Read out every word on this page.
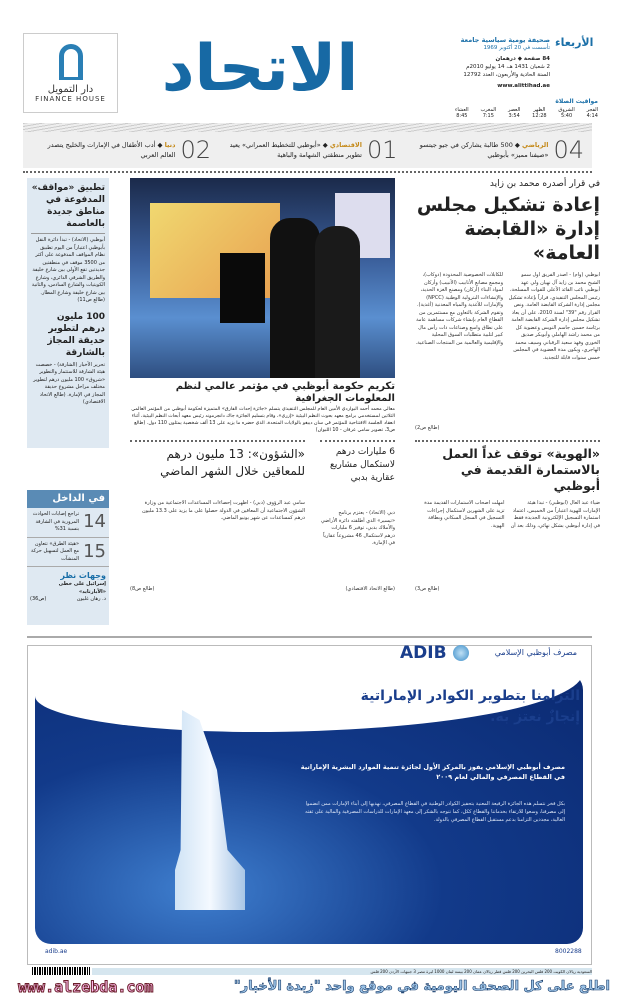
دار التمويل
FINANCE HOUSE الاتحاد	الأربعاء
صحيفة يومية سياسية جامعة
تأسست في 20 أكتوبر 1969
84 صفحة ◆ درهمان
2 شعبان 1431 هـ، 14 يوليو 2010م
السنة الحادية والأربعون، العدد 12792
www.alittihad.ae
مواقيت الصلاة
الفجر
4:14
الشروق
5:40
الظهر
12:28
العصر
3:54
المغرب
7:15
العشاء
8:45
04
الرياضي ◆ 500 طالبة يشاركن في جيو جيتسو «صيفنا مميز» بأبوظبي
01
الاقتصادي ◆ «أبوظبي للتخطيط العمراني» يعيد تطوير منطقتي الشهامة والباهية
02
دنيا ◆ أدب الأطفال في الإمارات والخليج يتصدر العالم العربي
تطبيق «مواقف» المدفوعة في مناطق جديدة بالعاصمة

أبوظبي (الاتحاد) - تبدأ دائرة النقل بأبوظبي اعتباراً من اليوم تطبيق نظام المواقف المدفوعة على أكثر من 3500 موقف في منطقتين جديدتين تقع الأولى بين شارع خليفة والطريق الشرقي الدائري، وشارع الكويتيات والشارع السادس، والثانية بين شارع خليفة وشارع المطار. (طالع ص11)

100 مليون درهم لتطوير حديقة المجاز بالشارقة

تحرير الأخبار (الشارقة) - خصصت هيئة الشارقة للاستثمار والتطوير «شروق» 100 مليون درهم لتطوير مختلف مراحل مشروع حديقة المجاز في الإمارة. (طالع الاتحاد الاقتصادي)

في الداخل
14
تراجع إصابات الحوادث المرورية في الشارقة بنسبة 31%
15
«هيئة الطرق» تتعاون مع العمل لتسهيل حركة المنشآت
وجهات نظر
إسرائيل على خطى «الأبارتايد»
د. رهان غليون
(ص36)
تكريم حكومة أبوظبي في مؤتمر عالمي لنظم المعلومات الجغرافية
معالي محمد أحمد البواردي الأمين العام للمجلس التنفيذي يتسلم «جائزة إحداث الفارق» المتميزة لحكومة أبوظبي من المؤتمر العالمي الثلاثين لمستخدمي برامج معهد بحوث النظم البيئية «إزري»، وقام بتسليم الجائزة جاك دانجرموند رئيس معهد أبحاث النظم البيئية، أثناء انعقاد الجلسة الافتتاحية للمؤتمر في سان دييغو بالولايات المتحدة، الذي حضره ما يزيد على 13 ألف شخصية يمثلون 110 دول. (طالع ص3، تصوير سامي عرفان - 10 اللبوان)
في قرار أصدره محمد بن زايد
إعادة تشكيل مجلس إدارة «القابضة العامة»
أبوظبي (وام) - أصدر الفريق أول سمو الشيخ محمد بن زايد آل نهيان ولي عهد أبوظبي نائب القائد الأعلى للقوات المسلحة، رئيس المجلس التنفيذي، قراراً بإعادة تشكيل مجلس إدارة الشركة القابضة العامة. ونص القرار رقم "39" لسنة 2010، على أن يعاد تشكيل مجلس إدارة الشركة القابضة العامة برئاسة حسين جاسم النويس وعضوية كل من محمد راشد الهاملي وأبوبكر صديق الخوري وفهد سعيد الرقباني وسيف محمد الهاجري، ويكون مدة العضوية في المجلس خمس سنوات قابلة للتجديد.
للكابلات الخصوصية المحدودة (دوكاب)، ومجمع مصانع الأنابيب (الأنبيب) وأركان لمواد البناء (أركان) ومصنع الغزة الحديد، والإنشاءات البترولية الوطنية (NPCC) والإمارات للأغذية والمياه المعدنية (أغذية). وتقوم الشركة بالتعاون مع مستثمرين من القطاع العام بإنشاء شركات مساهمة عامة على نطاق واسع وصناعات ذات رأس مال كبير لتلبية متطلبات السوق المحلية والإقليمية والعالمية من المنتجات الصناعية.
(طالع ص2)
«الهوية» توقف غداً العمل بالاستمارة القديمة في أبوظبي
ضياء عبد العال (أبوظبي) - تبدأ هيئة الإمارات للهوية اعتباراً من الخميس، اعتماد استمارة التسجيل الإلكترونية الجديدة فقط في إدارة أبوظبي بشكل نهائي، وذلك بعد أن أمهلت أصحاب الاستمارات القديمة مدة تزيد على الشهرين لاستكمال إجراءات التسجيل في السجل السكاني وبطاقة الهوية.
(طالع ص3)
6 مليارات درهم لاستكمال مشاريع عقارية بدبي
دبي (الاتحاد) - يعتزم برنامج «تيسير» الذي أطلقته دائرة الأراضي والأملاك بدبي، توفير 6 مليارات درهم لاستكمال 46 مشروعاً عقارياً في الإمارة.
(طالع الاتحاد الاقتصادي)
«الشؤون»: 13 مليون درهم للمعاقين خلال الشهر الماضي
سامي عبد الرؤوف (دبي) - أظهرت إحصاءات المساعدات الاجتماعية من وزارة الشؤون الاجتماعية أن المعاقين في الدولة حصلوا على ما يزيد على 13.3 مليون درهم كمساعدات عن شهر يونيو الماضي.
(طالع ص8)
ADIB	مصرف أبوظبي الإسلامي
التزامنا بتطوير الكوادر الإماراتية
إنجازٌ نعتز به.
مصرف أبوظبي الإسلامي يفوز بالمركز الأول لجائزة تنمية الموارد البشرية الإماراتية في القطاع المصرفي والمالي لعام ٢٠٠٩
بكل فخر نتسلم هذه الجائزة الرفيعة المعنية بتحفيز الكوادر الوطنية في القطاع المصرفي، نهديها إلى أبناء الإمارات ممن انضموا إلى مصرفنا، وسعوا للارتقاء بخدماتنا والقطاع ككل، كما نتوجه بالشكر إلى معهد الإمارات للدراسات المصرفية والمالية على ثقته الغالية، مجددين التزامنا بدعم مستقبل القطاع المصرفي بالدولة.
adib.ae	8002288
السعودية ريالان الكويت 200 فلس البحرين 200 فلس قطر ريالان عمان 200 بيسة لبنان 1000 ليرة مصر 3 جنيهات الأردن 200 فلس
www.alzebda.com	اطلع على كل الصحف اليومية في موقع واحد "زبدة الأخبار"
